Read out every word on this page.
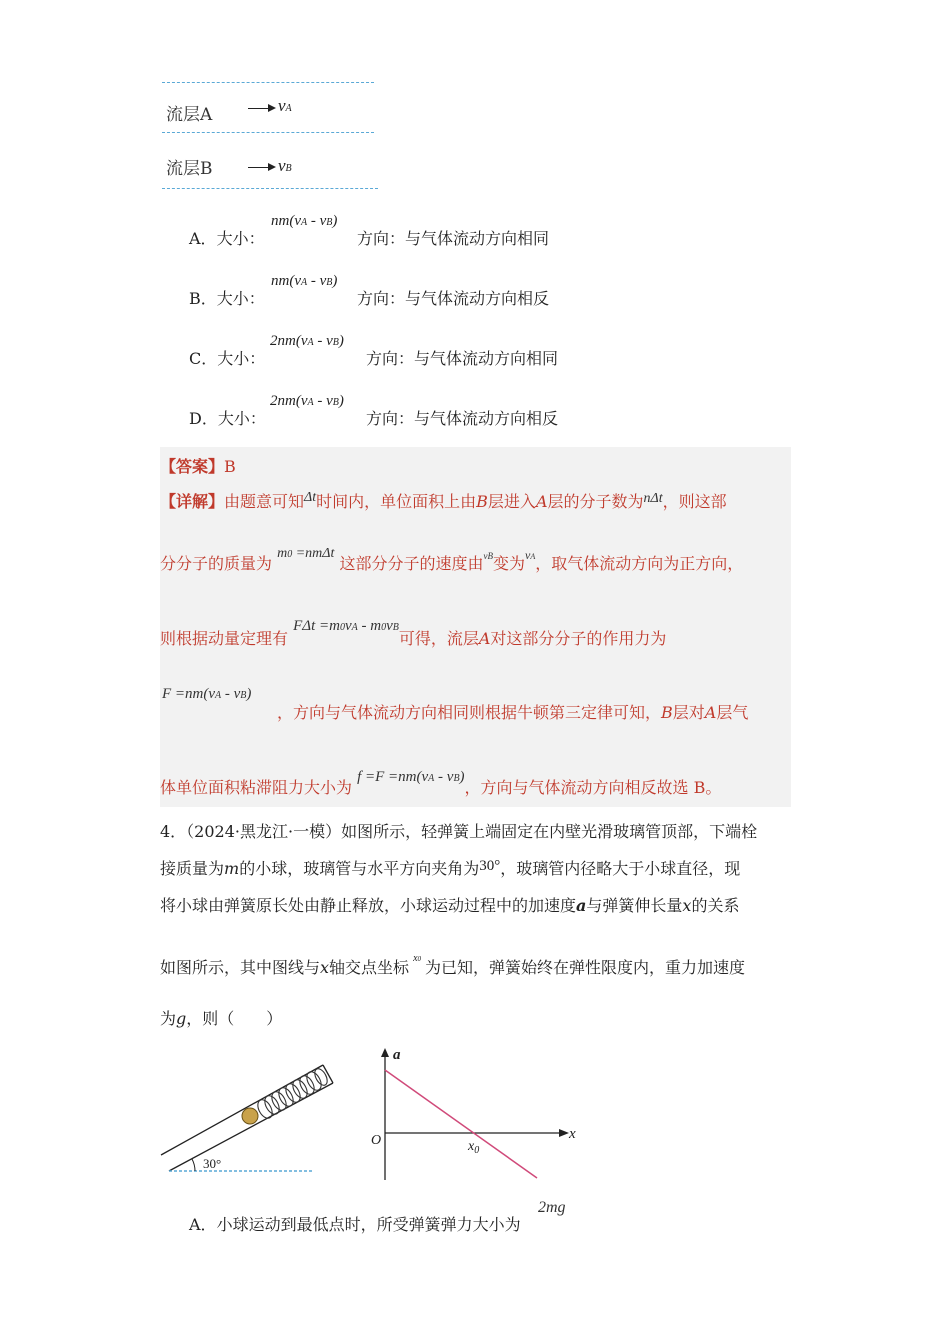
流层A	vA
流层B	vB
A．大小：
nm(vA - vB)
方向：与气体流动方向相同
B．大小：
nm(vA - vB)
方向：与气体流动方向相反
C．大小：
2nm(vA - vB)
方向：与气体流动方向相同
D．大小：
2nm(vA - vB)
方向：与气体流动方向相反
【答案】B
【详解】由题意可知Δt时间内，单位面积上由B层进入A层的分子数为nΔt，则这部
分分子的质量为 m0 =nmΔt 这部分分子的速度由$^{vB}$变为$^{vA}$，取气体流动方向为正方向，
则根据动量定理有 FΔt =m0vA - m0vB可得，流层A对这部分分子的作用力为
F =nm(vA - vB)
，方向与气体流动方向相同则根据牛顿第三定律可知，B层对A层气
体单位面积粘滞阻力大小为 f =F =nm(vA - vB)，方向与气体流动方向相反故选 B。
4．（2024·黑龙江·一模）如图所示，轻弹簧上端固定在内壁光滑玻璃管顶部，下端栓
接质量为m的小球，玻璃管与水平方向夹角为30°，玻璃管内径略大于小球直径，现
将小球由弹簧原长处由静止释放，小球运动过程中的加速度a与弹簧伸长量x的关系
如图所示，其中图线与x轴交点坐标 $^{x0}$ 为已知，弹簧始终在弹性限度内，重力加速度
为g，则（　　）
30°
a
x
O	$x_0$
A．小球运动到最低点时，所受弹簧弹力大小为
2mg
